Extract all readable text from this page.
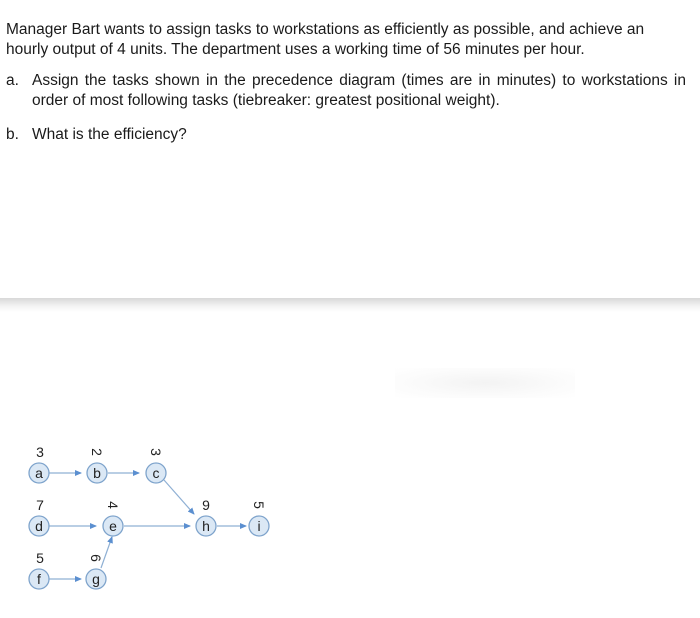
Manager Bart wants to assign tasks to workstations as efficiently as possible, and achieve an hourly output of 4 units. The department uses a working time of 56 minutes per hour.

a. Assign the tasks shown in the precedence diagram (times are in minutes) to workstations in order of most following tasks (tiebreaker: greatest positional weight).
b. What is the efficiency?
3
a
2
b
3
c
7
d
4
e
5
f
6
g
9
h
5
i
